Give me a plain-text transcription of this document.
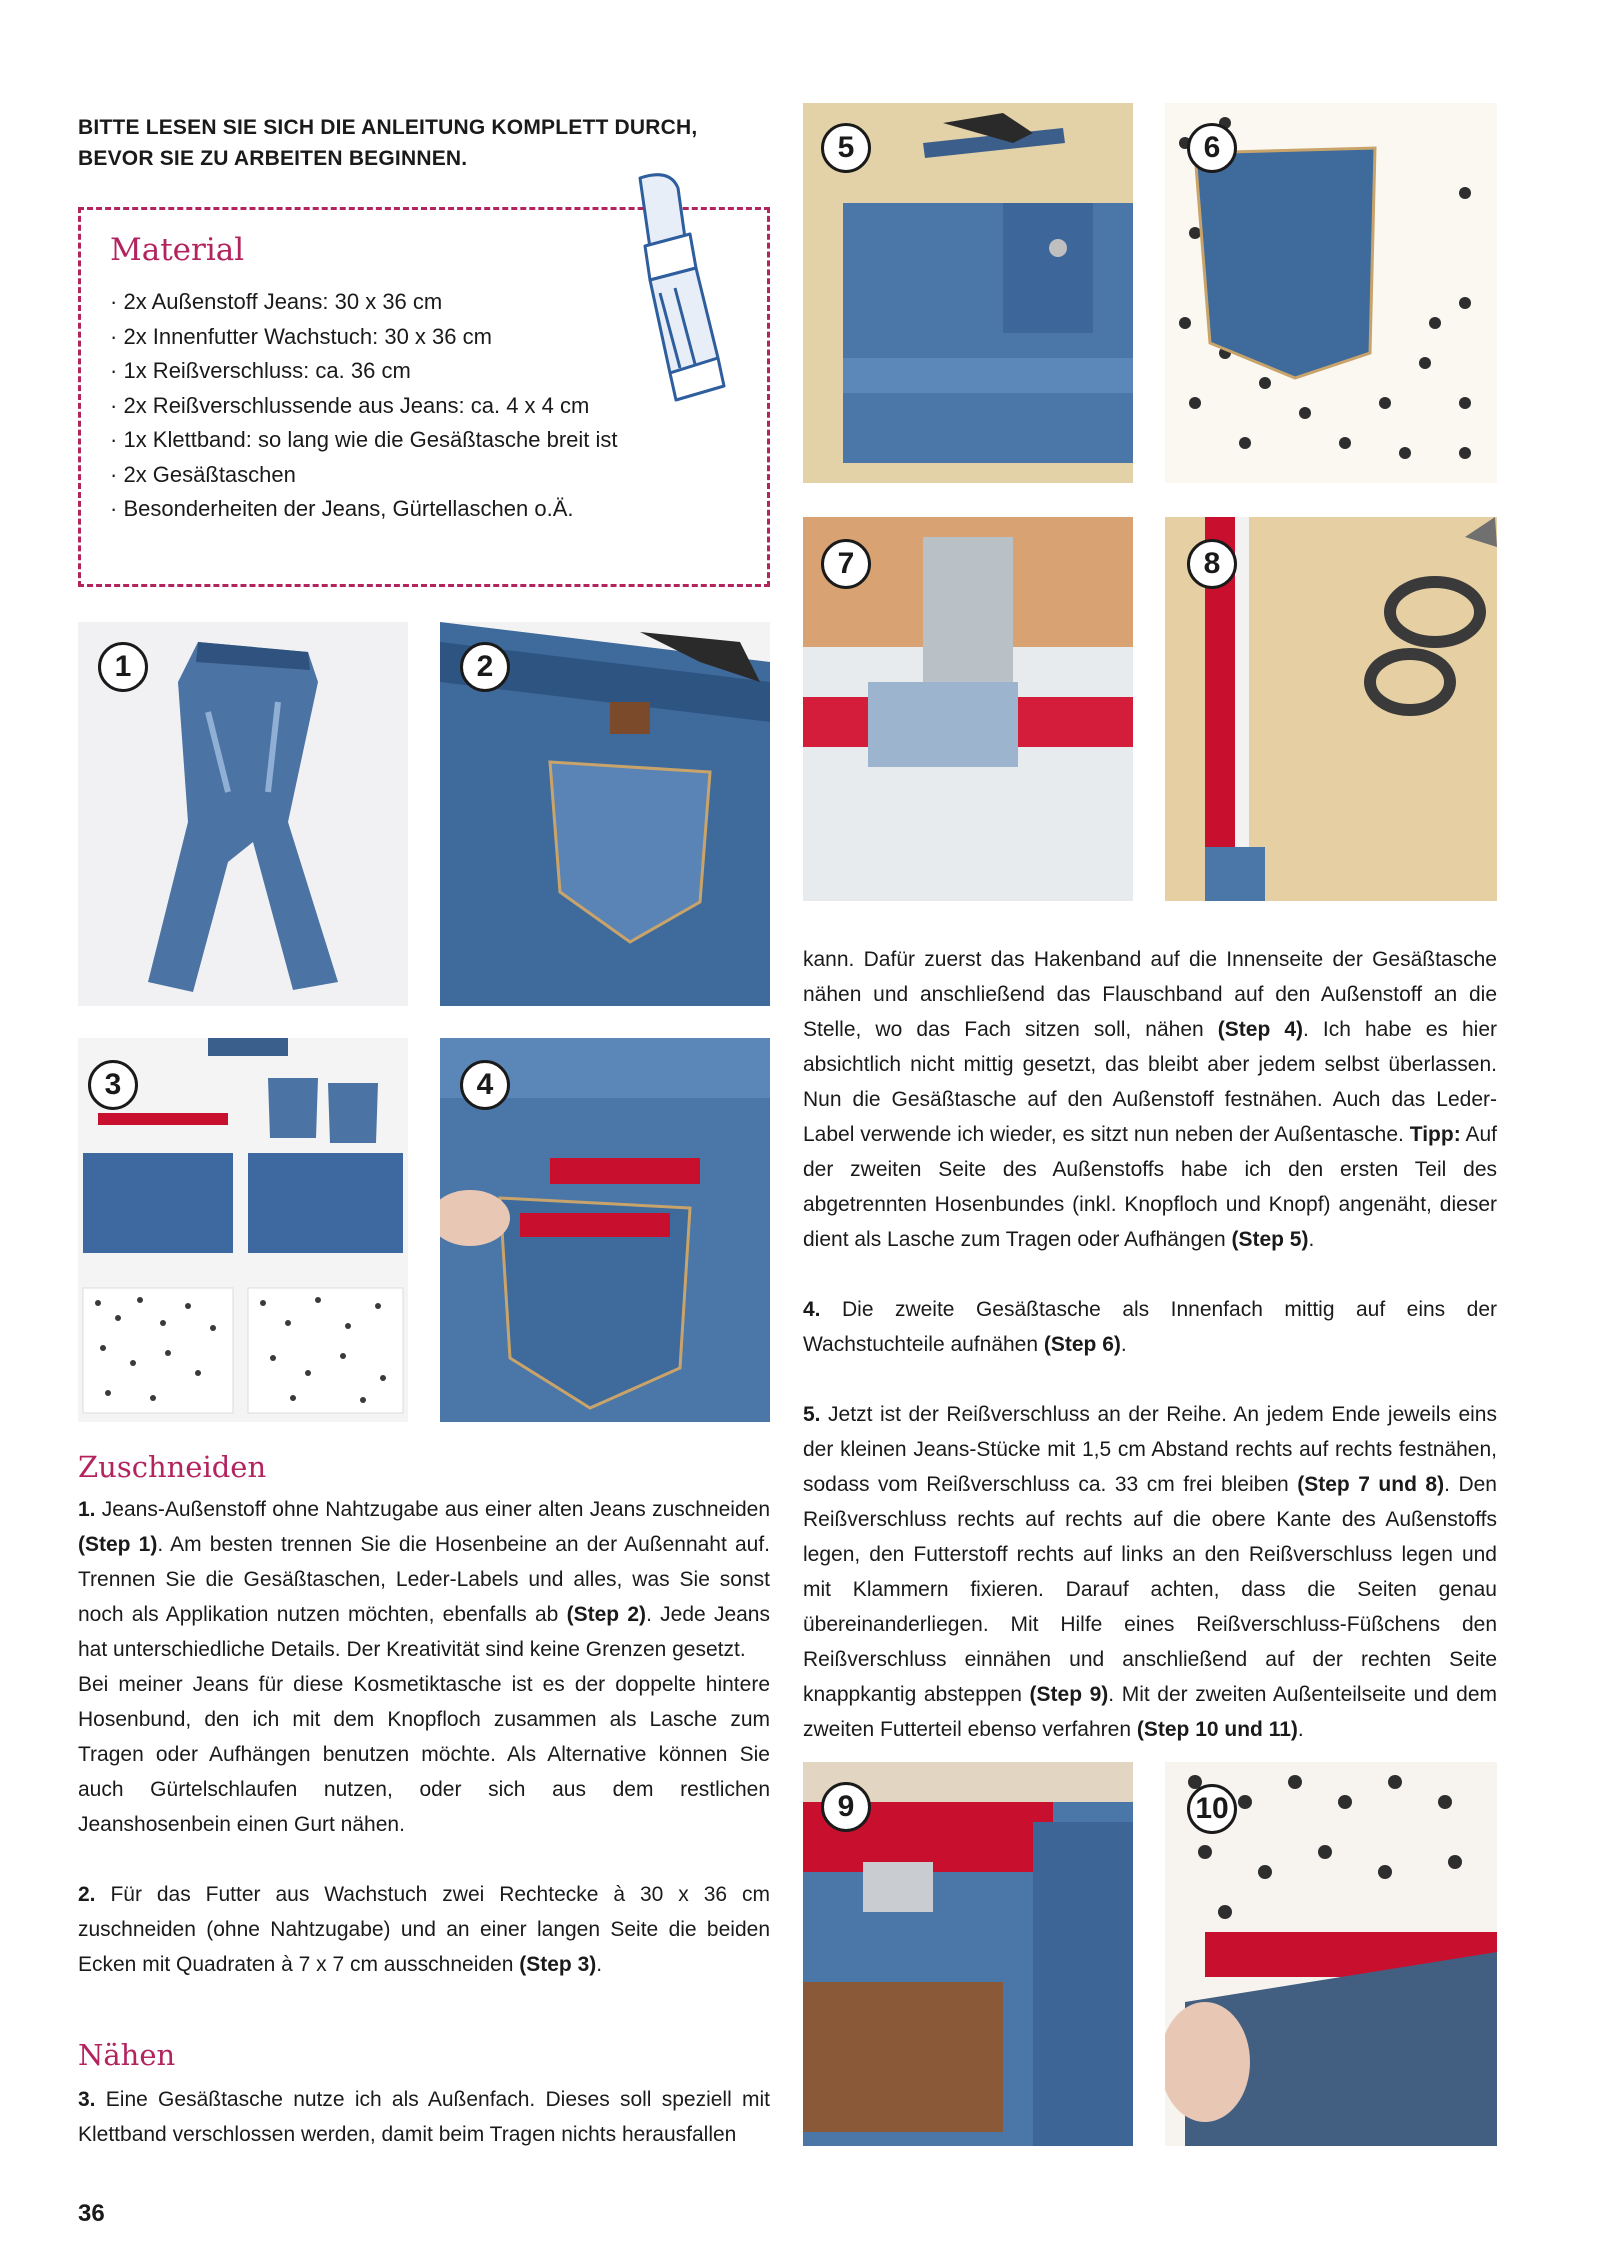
BITTE LESEN SIE SICH DIE ANLEITUNG KOMPLETT DURCH,
BEVOR SIE ZU ARBEITEN BEGINNEN.
Material
· 2x Außenstoff Jeans: 30 x 36 cm
· 2x Innenfutter Wachstuch: 30 x 36 cm
· 1x Reißverschluss: ca. 36 cm
· 2x Reißverschlussende aus Jeans: ca. 4 x 4 cm
· 1x Klettband: so lang wie die Gesäßtasche breit ist
· 2x Gesäßtaschen
· Besonderheiten der Jeans, Gürtellaschen o.Ä.
1	2
3	4
5	6
7	8
9	10
Zuschneiden

1. Jeans-Außenstoff ohne Nahtzugabe aus einer alten Jeans zuschneiden (Step 1). Am besten trennen Sie die Hosenbeine an der Außennaht auf. Trennen Sie die Gesäßtaschen, Leder-Labels und alles, was Sie sonst noch als Applikation nutzen möchten, ebenfalls ab (Step 2). Jede Jeans hat unterschiedliche Details. Der Kreativität sind keine Grenzen gesetzt.

Bei meiner Jeans für diese Kosmetiktasche ist es der doppelte hintere Hosenbund, den ich mit dem Knopfloch zusammen als Lasche zum Tragen oder Aufhängen benutzen möchte. Als Alternative können Sie auch Gürtelschlaufen nutzen, oder sich aus dem restlichen Jeanshosenbein einen Gurt nähen.

2. Für das Futter aus Wachstuch zwei Rechtecke à 30 x 36 cm zuschneiden (ohne Nahtzugabe) und an einer langen Seite die beiden Ecken mit Quadraten à 7 x 7 cm ausschneiden (Step 3).

Nähen

3. Eine Gesäßtasche nutze ich als Außenfach. Dieses soll speziell mit Klettband verschlossen werden, damit beim Tragen nichts herausfallen

kann. Dafür zuerst das Hakenband auf die Innenseite der Gesäßtasche nähen und anschließend das Flauschband auf den Außenstoff an die Stelle, wo das Fach sitzen soll, nähen (Step 4). Ich habe es hier absichtlich nicht mittig gesetzt, das bleibt aber jedem selbst überlassen. Nun die Gesäßtasche auf den Außenstoff festnähen. Auch das Leder-Label verwende ich wieder, es sitzt nun neben der Außentasche. Tipp: Auf der zweiten Seite des Außenstoffs habe ich den ersten Teil des abgetrennten Hosenbundes (inkl. Knopfloch und Knopf) angenäht, dieser dient als Lasche zum Tragen oder Aufhängen (Step 5).

4. Die zweite Gesäßtasche als Innenfach mittig auf eins der Wachstuchteile aufnähen (Step 6).

5. Jetzt ist der Reißverschluss an der Reihe. An jedem Ende jeweils eins der kleinen Jeans-Stücke mit 1,5 cm Abstand rechts auf rechts festnähen, sodass vom Reißverschluss ca. 33 cm frei bleiben (Step 7 und 8). Den Reißverschluss rechts auf rechts auf die obere Kante des Außenstoffs legen, den Futterstoff rechts auf links an den Reißverschluss legen und mit Klammern fixieren. Darauf achten, dass die Seiten genau übereinanderliegen. Mit Hilfe eines Reißverschluss-Füßchens den Reißverschluss einnähen und anschließend auf der rechten Seite knappkantig absteppen (Step 9). Mit der zweiten Außenteilseite und dem zweiten Futterteil ebenso verfahren (Step 10 und 11).

36
